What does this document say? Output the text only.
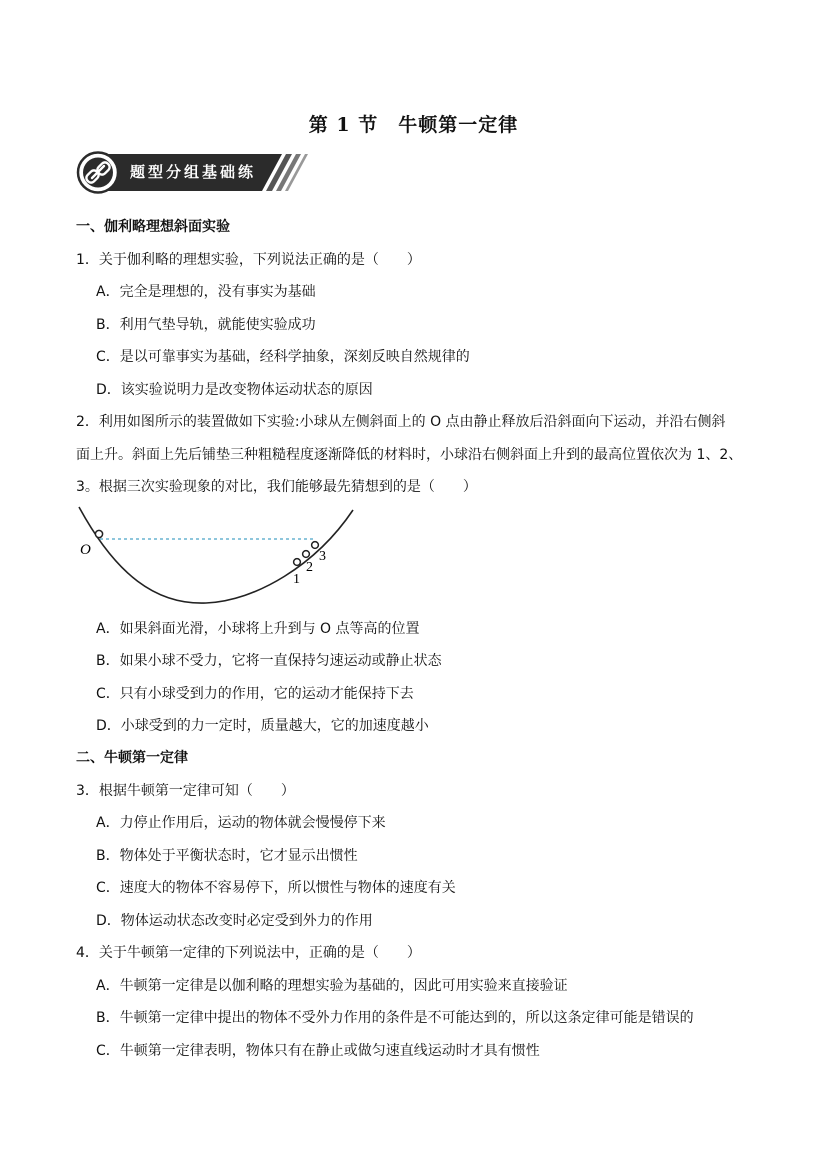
第 1 节　牛顿第一定律
题型分组基础练
一、伽利略理想斜面实验
1．关于伽利略的理想实验，下列说法正确的是（　　）
A．完全是理想的，没有事实为基础
B．利用气垫导轨，就能使实验成功
C．是以可靠事实为基础，经科学抽象，深刻反映自然规律的
D．该实验说明力是改变物体运动状态的原因
2．利用如图所示的装置做如下实验:小球从左侧斜面上的 O 点由静止释放后沿斜面向下运动，并沿右侧斜
面上升。斜面上先后铺垫三种粗糙程度逐渐降低的材料时，小球沿右侧斜面上升到的最高位置依次为 1、2、
3。根据三次实验现象的对比，我们能够最先猜想到的是（　　）
O
1
2
3
A．如果斜面光滑，小球将上升到与 O 点等高的位置
B．如果小球不受力，它将一直保持匀速运动或静止状态
C．只有小球受到力的作用，它的运动才能保持下去
D．小球受到的力一定时，质量越大，它的加速度越小
二、牛顿第一定律
3．根据牛顿第一定律可知（　　）
A．力停止作用后，运动的物体就会慢慢停下来
B．物体处于平衡状态时，它才显示出惯性
C．速度大的物体不容易停下，所以惯性与物体的速度有关
D．物体运动状态改变时必定受到外力的作用
4．关于牛顿第一定律的下列说法中，正确的是（　　）
A．牛顿第一定律是以伽利略的理想实验为基础的，因此可用实验来直接验证
B．牛顿第一定律中提出的物体不受外力作用的条件是不可能达到的，所以这条定律可能是错误的
C．牛顿第一定律表明，物体只有在静止或做匀速直线运动时才具有惯性
